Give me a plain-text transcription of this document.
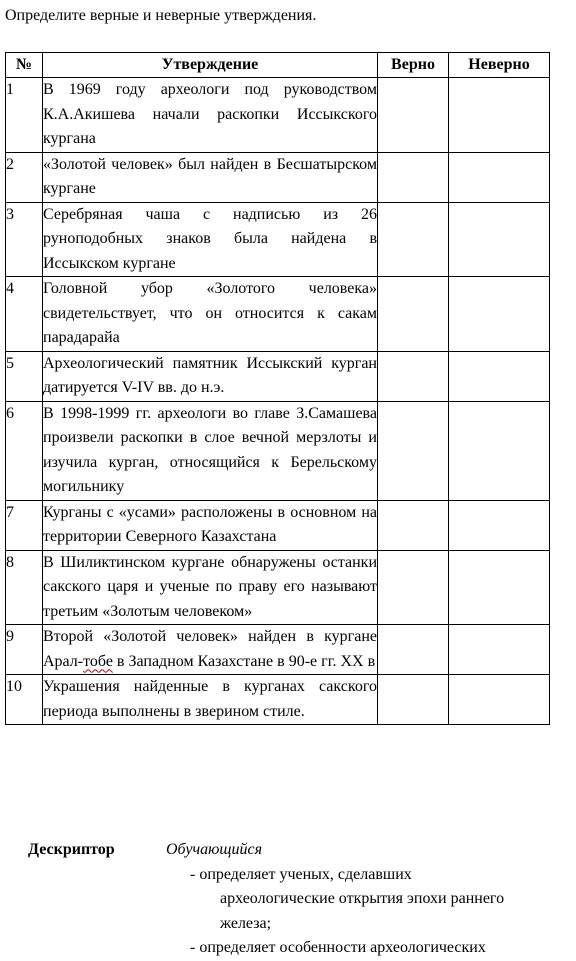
Определите верные и неверные утверждения.
№	Утверждение	Верно	Неверно
1	В 1969 году археологи под руководством К.А.Акишева начали раскопки Иссыкского кургана		
2	«Золотой человек» был найден в Бесшатырском кургане		
3	Серебряная чаша с надписью из 26 руноподобных знаков была найдена в Иссыкском кургане		
4	Головной убор «Золотого человека» свидетельствует, что он относится к сакам парадарайа		
5	Археологический памятник Иссыкский курган датируется V-IV вв. до н.э.		
6	В 1998-1999 гг. археологи во главе З.Самашева произвели раскопки в слое вечной мерзлоты и изучила курган, относящийся к Берельскому могильнику		
7	Курганы с «усами» расположены в основном на территории Северного Казахстана		
8	В Шиликтинском кургане обнаружены останки сакского царя и ученые по праву его называют третьим «Золотым человеком»		
9	Второй «Золотой человек» найден в кургане Арал-тобе в Западном Казахстане в 90-е гг. XX в		
10	Украшения найденные в курганах сакского периода выполнены в зверином стиле.		
Дескриптор	Обучающийся
- определяет ученых, сделавших
археологические открытия эпохи раннего
железа;
- определяет особенности археологических
